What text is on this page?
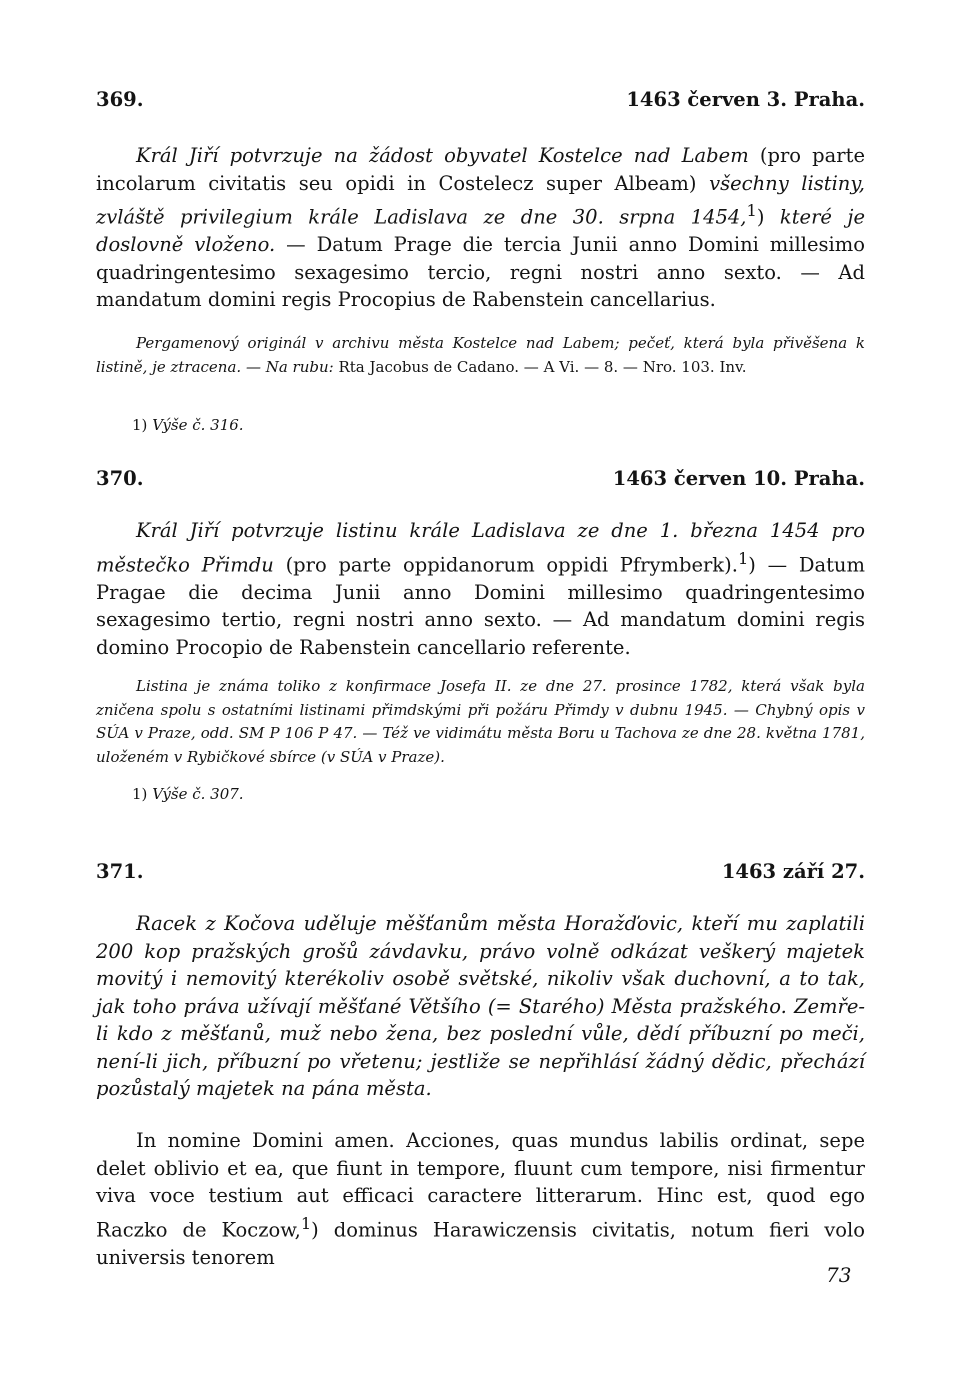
369.	1463 červen 3. Praha.
Král Jiří potvrzuje na žádost obyvatel Kostelce nad Labem (pro parte incolarum civitatis seu opidi in Costelecz super Albeam) všechny listiny, zvláště privilegium krále Ladislava ze dne 30. srpna 1454,$^1$) které je doslovně vloženo. — Datum Prage die tercia Junii anno Domini millesimo quadringentesimo sexagesimo tercio, regni nostri anno sexto. — Ad mandatum domini regis Procopius de Rabenstein cancellarius.
Pergamenový originál v archivu města Kostelce nad Labem; pečeť, která byla přivěšena k listině, je ztracena. — Na rubu: Rta Jacobus de Cadano. — A Vi. — 8. — Nro. 103. Inv.
1) Výše č. 316.
370.	1463 červen 10. Praha.
Král Jiří potvrzuje listinu krále Ladislava ze dne 1. března 1454 pro městečko Přimdu (pro parte oppidanorum oppidi Pfrymberk).$^1$) — Datum Pragae die decima Junii anno Domini millesimo quadringentesimo sexagesimo tertio, regni nostri anno sexto. — Ad mandatum domini regis domino Procopio de Rabenstein cancellario referente.
Listina je známa toliko z konfirmace Josefa II. ze dne 27. prosince 1782, která však byla zničena spolu s ostatními listinami přimdskými při požáru Přimdy v dubnu 1945. — Chybný opis v SÚA v Praze, odd. SM P 106 P 47. — Též ve vidimátu města Boru u Tachova ze dne 28. května 1781, uloženém v Rybičkové sbírce (v SÚA v Praze).
1) Výše č. 307.
371.	1463 září 27.
Racek z Kočova uděluje měšťanům města Horažďovic, kteří mu zaplatili 200 kop pražských grošů závdavku, právo volně odkázat veškerý majetek movitý i nemovitý kterékoliv osobě světské, nikoliv však duchovní, a to tak, jak toho práva užívají měšťané Většího (= Starého) Města pražského. Zemře-li kdo z měšťanů, muž nebo žena, bez poslední vůle, dědí příbuzní po meči, není-li jich, příbuzní po vřetenu; jestliže se nepřihlásí žádný dědic, přechází pozůstalý majetek na pána města.
In nomine Domini amen. Acciones, quas mundus labilis ordinat, sepe delet oblivio et ea, que fiunt in tempore, fluunt cum tempore, nisi firmentur viva voce testium aut efficaci caractere litterarum. Hinc est, quod ego Raczko de Koczow,$^1$) dominus Harawiczensis civitatis, notum fieri volo universis tenorem
73
